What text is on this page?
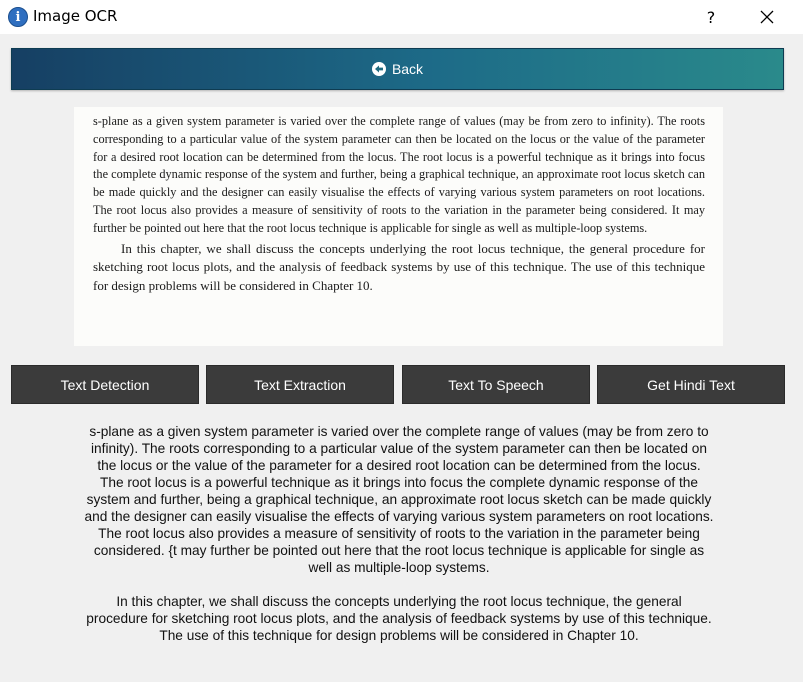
i Image OCR	?
Back

s-plane as a given system parameter is varied over the complete range of values (may be from zero to infinity). The roots corresponding to a particular value of the system parameter can then be located on the locus or the value of the parameter for a desired root location can be determined from the locus. The root locus is a powerful technique as it brings into focus the complete dynamic response of the system and further, being a graphical technique, an approximate root locus sketch can be made quickly and the designer can easily visualise the effects of varying various system parameters on root locations. The root locus also provides a measure of sensitivity of roots to the variation in the parameter being considered. It may further be pointed out here that the root locus technique is applicable for single as well as multiple-loop systems.

In this chapter, we shall discuss the concepts underlying the root locus technique, the general procedure for sketching root locus plots, and the analysis of feedback systems by use of this technique. The use of this technique for design problems will be considered in Chapter 10.

Text Detection	Text Extraction	Text To Speech	Get Hindi Text

s-plane as a given system parameter is varied over the complete range of values (may be from zero to infinity). The roots corresponding to a particular value of the system parameter can then be located on the locus or the value of the parameter for a desired root location can be determined from the locus. The root locus is a powerful technique as it brings into focus the complete dynamic response of the system and further, being a graphical technique, an approximate root locus sketch can be made quickly and the designer can easily visualise the effects of varying various system parameters on root locations. The root locus also provides a measure of sensitivity of roots to the variation in the parameter being considered. {t may further be pointed out here that the root locus technique is applicable for single as well as multiple-loop systems.

In this chapter, we shall discuss the concepts underlying the root locus technique, the general procedure for sketching root locus plots, and the analysis of feedback systems by use of this technique. The use of this technique for design problems will be considered in Chapter 10.
